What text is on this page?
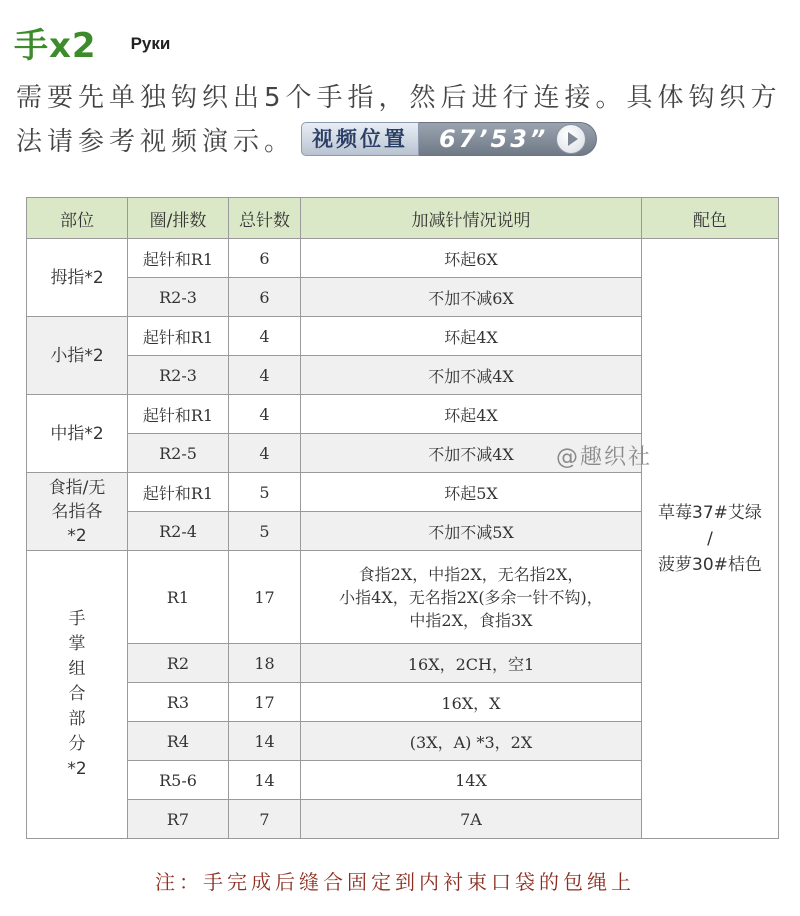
手x2 Руки
需要先单独钩织出5个手指，然后进行连接。具体钩织方法请参考视频演示。 视频位置	67’53”
部位	圈/排数	总针数	加减针情况说明	配色
拇指*2	起针和R1	6	环起6X	草莓37#艾绿
/
菠萝30#桔色

	R2-3	6	不加不减6X	
小指*2	起针和R1	4	环起4X	
	R2-3	4	不加不减4X	
中指*2	起针和R1	4	环起4X	
	R2-5	4	不加不减4X	

食指/无名指各*2	起针和R1	5	环起5X	
	R2-4	5	不加不减5X	

手掌组合部分*2	R1	17	食指2X，中指2X，无名指2X，
小指4X，无名指2X(多余一针不钩)，
中指2X，食指3X	

	R2	18	16X，2CH，空1	
	R3	17	16X，X	
	R4	14	(3X，A) *3，2X	
	R5-6	14	14X	
	R7	7	7A	
@趣织社
注：手完成后缝合固定到内衬束口袋的包绳上
